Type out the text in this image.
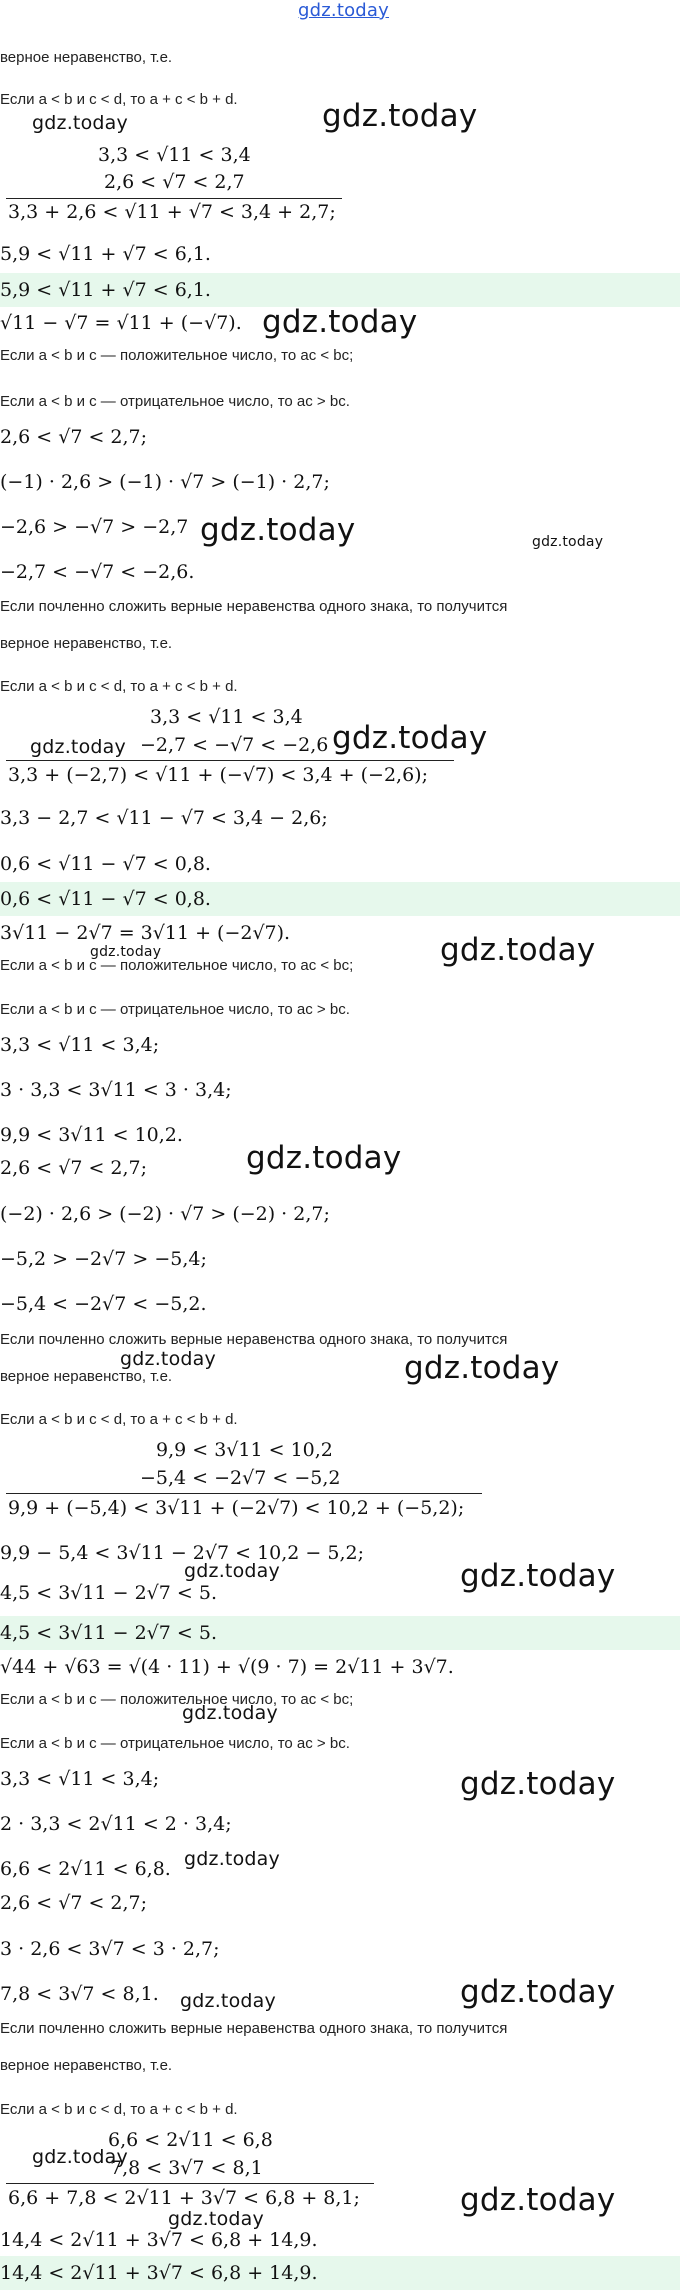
gdz.today
верное неравенство, т.е.
Если a < b и c < d, то a + c < b + d.
3,3 < √11 < 3,4
2,6 < √7 < 2,7
3,3 + 2,6 < √11 + √7 < 3,4 + 2,7;
5,9 < √11 + √7 < 6,1.
5,9 < √11 + √7 < 6,1.
√11 − √7 = √11 + (−√7).
Если a < b и c — положительное число, то ac < bc;
Если a < b и c — отрицательное число, то ac > bc.
2,6 < √7 < 2,7;
(−1) · 2,6 > (−1) · √7 > (−1) · 2,7;
−2,6 > −√7 > −2,7
−2,7 < −√7 < −2,6.
Если почленно сложить верные неравенства одного знака, то получится
верное неравенство, т.е.
Если a < b и c < d, то a + c < b + d.
3,3 < √11 < 3,4
−2,7 < −√7 < −2,6
3,3 + (−2,7) < √11 + (−√7) < 3,4 + (−2,6);
3,3 − 2,7 < √11 − √7 < 3,4 − 2,6;
0,6 < √11 − √7 < 0,8.
0,6 < √11 − √7 < 0,8.
3√11 − 2√7 = 3√11 + (−2√7).
Если a < b и c — положительное число, то ac < bc;
Если a < b и c — отрицательное число, то ac > bc.
3,3 < √11 < 3,4;
3 · 3,3 < 3√11 < 3 · 3,4;
9,9 < 3√11 < 10,2.
2,6 < √7 < 2,7;
(−2) · 2,6 > (−2) · √7 > (−2) · 2,7;
−5,2 > −2√7 > −5,4;
−5,4 < −2√7 < −5,2.
Если почленно сложить верные неравенства одного знака, то получится
верное неравенство, т.е.
Если a < b и c < d, то a + c < b + d.
9,9 < 3√11 < 10,2
−5,4 < −2√7 < −5,2
9,9 + (−5,4) < 3√11 + (−2√7) < 10,2 + (−5,2);
9,9 − 5,4 < 3√11 − 2√7 < 10,2 − 5,2;
4,5 < 3√11 − 2√7 < 5.
4,5 < 3√11 − 2√7 < 5.
√44 + √63 = √(4 · 11) + √(9 · 7) = 2√11 + 3√7.
Если a < b и c — положительное число, то ac < bc;
Если a < b и c — отрицательное число, то ac > bc.
3,3 < √11 < 3,4;
2 · 3,3 < 2√11 < 2 · 3,4;
6,6 < 2√11 < 6,8.
2,6 < √7 < 2,7;
3 · 2,6 < 3√7 < 3 · 2,7;
7,8 < 3√7 < 8,1.
Если почленно сложить верные неравенства одного знака, то получится
верное неравенство, т.е.
Если a < b и c < d, то a + c < b + d.
6,6 < 2√11 < 6,8
7,8 < 3√7 < 8,1
6,6 + 7,8 < 2√11 + 3√7 < 6,8 + 8,1;
14,4 < 2√11 + 3√7 < 6,8 + 14,9.
14,4 < 2√11 + 3√7 < 6,8 + 14,9.
gdz.today
gdz.today
gdz.today
gdz.today	gdz.today
gdz.today
gdz.today
gdz.today	gdz.today
gdz.today
gdz.today	gdz.today
gdz.today	gdz.today
gdz.today
gdz.today
gdz.today
gdz.today	gdz.today
gdz.today
gdz.today
gdz.today
